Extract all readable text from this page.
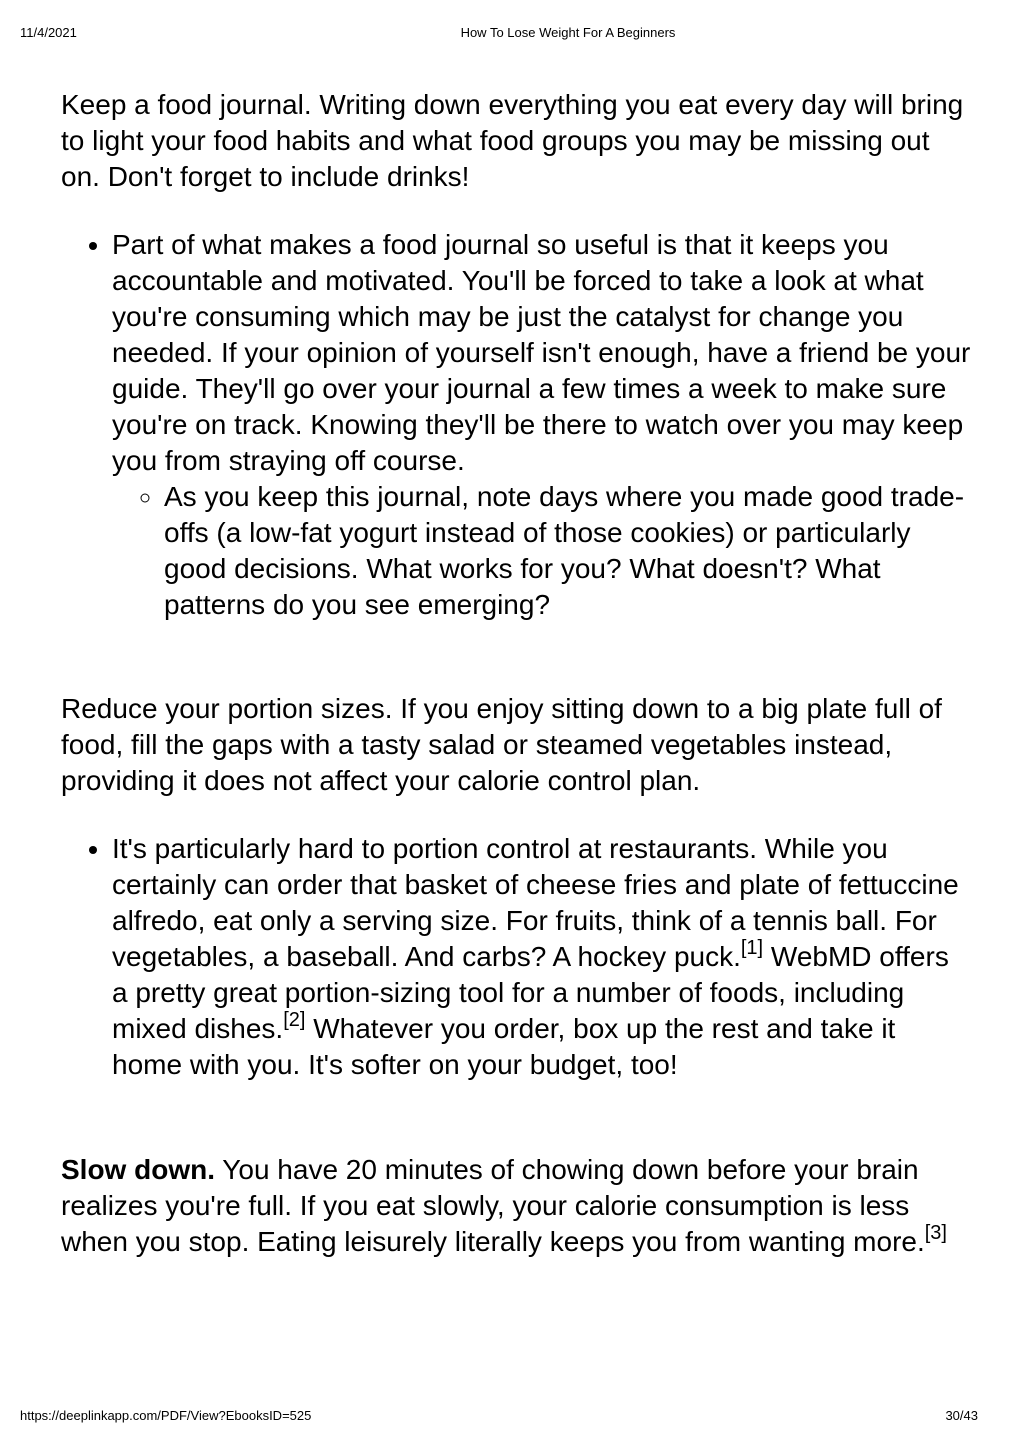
11/4/2021	How To Lose Weight For A Beginners

Keep a food journal. Writing down everything you eat every day will bring to light your food habits and what food groups you may be missing out on. Don't forget to include drinks!

• Part of what makes a food journal so useful is that it keeps you accountable and motivated. You'll be forced to take a look at what you're consuming which may be just the catalyst for change you needed. If your opinion of yourself isn't enough, have a friend be your guide. They'll go over your journal a few times a week to make sure you're on track. Knowing they'll be there to watch over you may keep you from straying off course.
◦ As you keep this journal, note days where you made good trade-offs (a low-fat yogurt instead of those cookies) or particularly good decisions. What works for you? What doesn't? What patterns do you see emerging?

Reduce your portion sizes. If you enjoy sitting down to a big plate full of food, fill the gaps with a tasty salad or steamed vegetables instead, providing it does not affect your calorie control plan.

• It's particularly hard to portion control at restaurants. While you certainly can order that basket of cheese fries and plate of fettuccine alfredo, eat only a serving size. For fruits, think of a tennis ball. For vegetables, a baseball. And carbs? A hockey puck.[1] WebMD offers a pretty great portion-sizing tool for a number of foods, including mixed dishes.[2] Whatever you order, box up the rest and take it home with you. It's softer on your budget, too!

Slow down. You have 20 minutes of chowing down before your brain realizes you're full. If you eat slowly, your calorie consumption is less when you stop. Eating leisurely literally keeps you from wanting more.[3]

https://deeplinkapp.com/PDF/View?EbooksID=525	30/43
